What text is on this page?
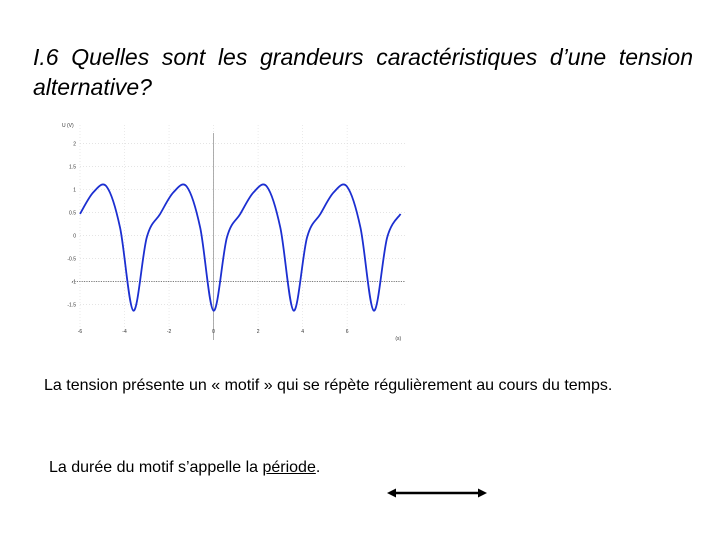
I.6 Quelles sont les grandeurs caractéristiques d’une tension alternative?
2
1.5
1
0.5
0
-0.5
-1
-1.5
-6	-4	-2	0	2	4	6
U (V)
(s)
La tension présente un « motif » qui se répète régulièrement au cours du temps.
La durée du motif s’appelle la période.
